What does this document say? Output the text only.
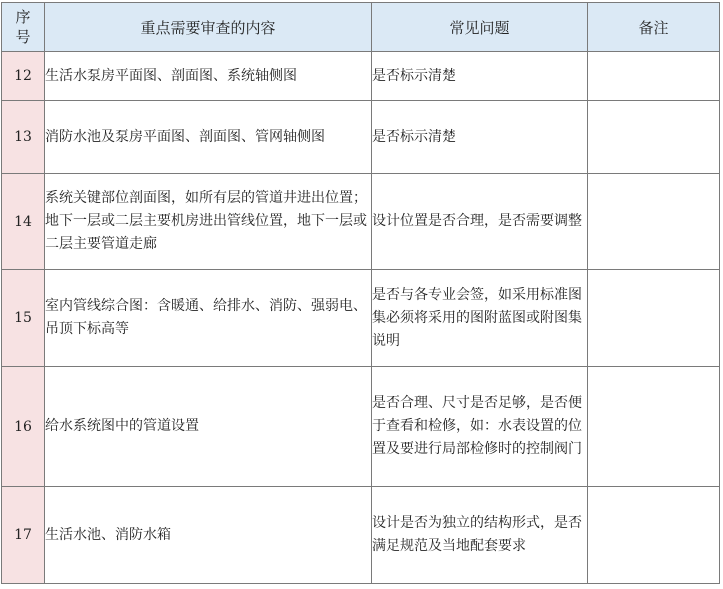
序
号	重点需要审查的内容	常见问题	备注
12	生活水泵房平面图、剖面图、系统轴侧图	是否标示清楚	
13	消防水池及泵房平面图、剖面图、管网轴侧图	是否标示清楚	
14	系统关键部位剖面图，如所有层的管道井进出位置；地下一层或二层主要机房进出管线位置，地下一层或二层主要管道走廊	设计位置是否合理，是否需要调整	
15	室内管线综合图：含暖通、给排水、消防、强弱电、吊顶下标高等	是否与各专业会签，如采用标准图集必须将采用的图附蓝图或附图集说明	
16	给水系统图中的管道设置	是否合理、尺寸是否足够，是否便于查看和检修，如：水表设置的位置及要进行局部检修时的控制阀门	
17	生活水池、消防水箱	设计是否为独立的结构形式，是否满足规范及当地配套要求	
